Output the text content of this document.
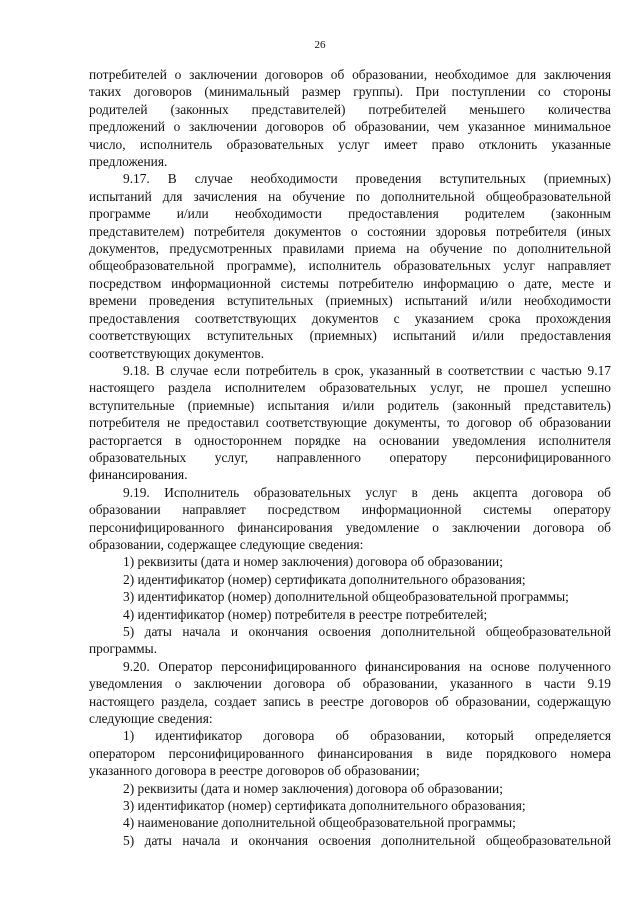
26

потребителей о заключении договоров об образовании, необходимое для заключения

таких договоров (минимальный размер группы). При поступлении со стороны

родителей (законных представителей) потребителей меньшего количества

предложений о заключении договоров об образовании, чем указанное минимальное

число, исполнитель образовательных услуг имеет право отклонить указанные

предложения.

9.17. В случае необходимости проведения вступительных (приемных)

испытаний для зачисления на обучение по дополнительной общеобразовательной

программе и/или необходимости предоставления родителем (законным

представителем) потребителя документов о состоянии здоровья потребителя (иных

документов, предусмотренных правилами приема на обучение по дополнительной

общеобразовательной программе), исполнитель образовательных услуг направляет

посредством информационной системы потребителю информацию о дате, месте и

времени проведения вступительных (приемных) испытаний и/или необходимости

предоставления соответствующих документов с указанием срока прохождения

соответствующих вступительных (приемных) испытаний и/или предоставления

соответствующих документов.

9.18. В случае если потребитель в срок, указанный в соответствии с частью 9.17

настоящего раздела исполнителем образовательных услуг, не прошел успешно

вступительные (приемные) испытания и/или родитель (законный представитель)

потребителя не предоставил соответствующие документы, то договор об образовании

расторгается в одностороннем порядке на основании уведомления исполнителя

образовательных услуг, направленного оператору персонифицированного

финансирования.

9.19. Исполнитель образовательных услуг в день акцепта договора об

образовании направляет посредством информационной системы оператору

персонифицированного финансирования уведомление о заключении договора об

образовании, содержащее следующие сведения:

1) реквизиты (дата и номер заключения) договора об образовании;

2) идентификатор (номер) сертификата дополнительного образования;

3) идентификатор (номер) дополнительной общеобразовательной программы;

4) идентификатор (номер) потребителя в реестре потребителей;

5) даты начала и окончания освоения дополнительной общеобразовательной

программы.

9.20. Оператор персонифицированного финансирования на основе полученного

уведомления о заключении договора об образовании, указанного в части 9.19

настоящего раздела, создает запись в реестре договоров об образовании, содержащую

следующие сведения:

1) идентификатор договора об образовании, который определяется

оператором персонифицированного финансирования в виде порядкового номера

указанного договора в реестре договоров об образовании;

2) реквизиты (дата и номер заключения) договора об образовании;

3) идентификатор (номер) сертификата дополнительного образования;

4) наименование дополнительной общеобразовательной программы;

5) даты начала и окончания освоения дополнительной общеобразовательной
